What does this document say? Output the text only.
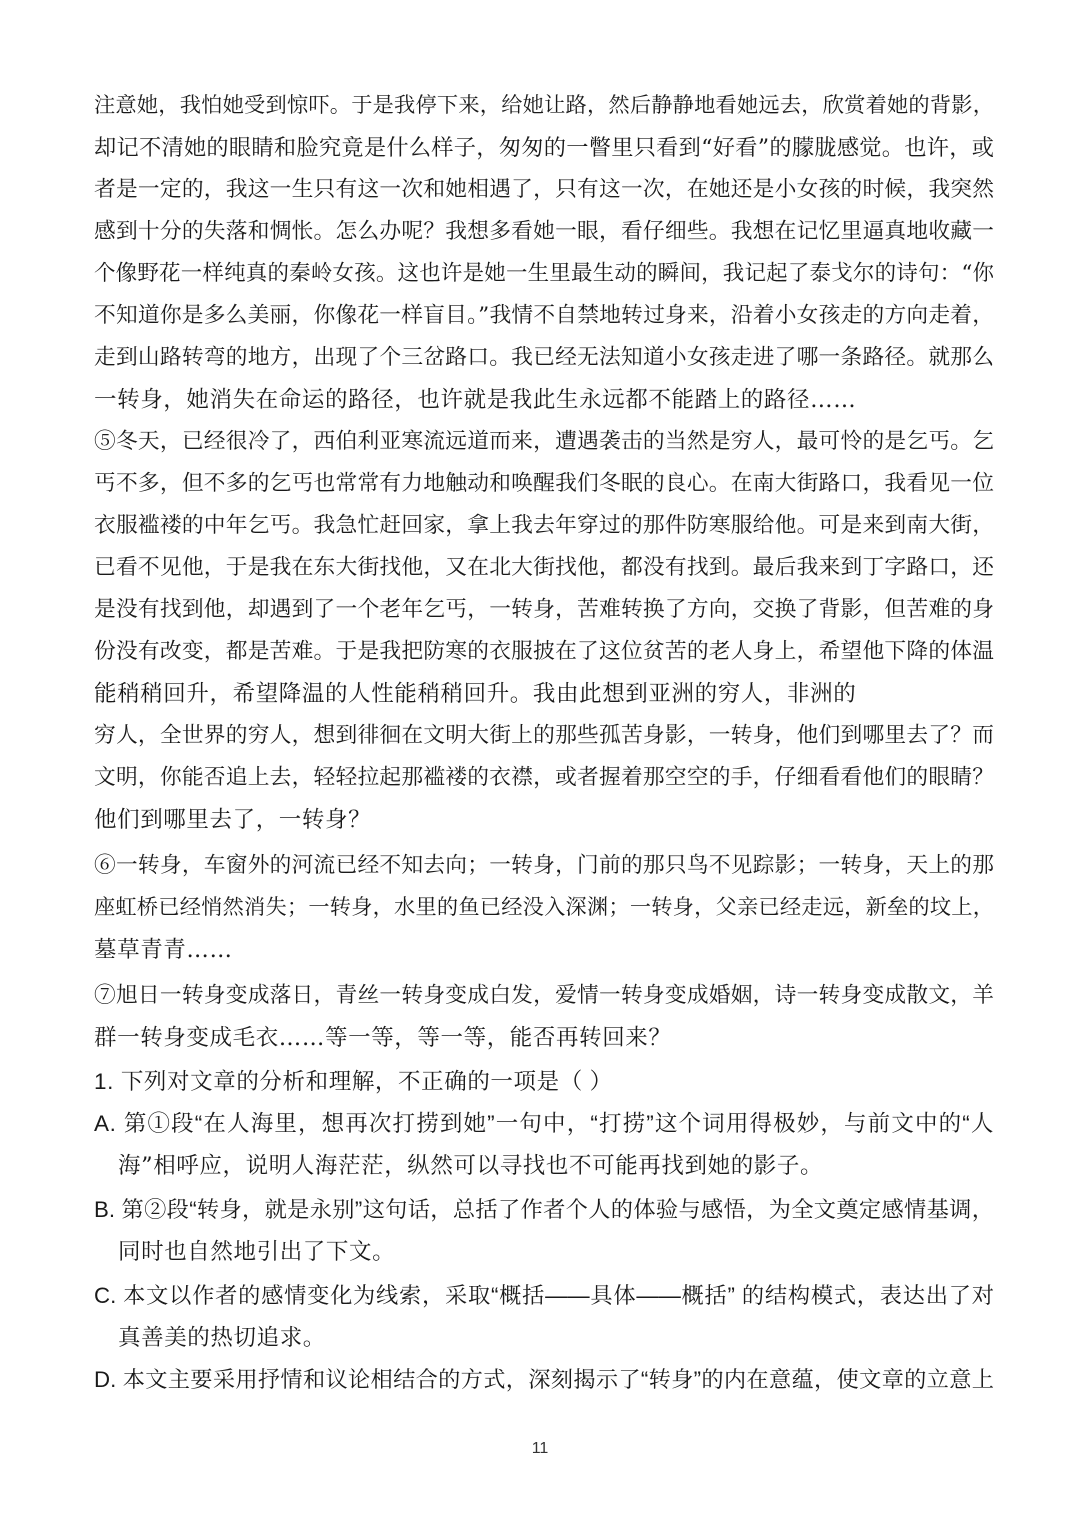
注意她，我怕她受到惊吓。于是我停下来，给她让路，然后静静地看她远去，欣赏着她的背影，
却记不清她的眼睛和脸究竟是什么样子，匆匆的一瞥里只看到“好看”的朦胧感觉。也许，或
者是一定的，我这一生只有这一次和她相遇了，只有这一次，在她还是小女孩的时候，我突然
感到十分的失落和惆怅。怎么办呢？我想多看她一眼，看仔细些。我想在记忆里逼真地收藏一
个像野花一样纯真的秦岭女孩。这也许是她一生里最生动的瞬间，我记起了泰戈尔的诗句：“你
不知道你是多么美丽，你像花一样盲目。”我情不自禁地转过身来，沿着小女孩走的方向走着，
走到山路转弯的地方，出现了个三岔路口。我已经无法知道小女孩走进了哪一条路径。就那么
一转身，她消失在命运的路径，也许就是我此生永远都不能踏上的路径……
⑤冬天，已经很冷了，西伯利亚寒流远道而来，遭遇袭击的当然是穷人，最可怜的是乞丐。乞
丐不多，但不多的乞丐也常常有力地触动和唤醒我们冬眠的良心。在南大街路口，我看见一位
衣服褴褛的中年乞丐。我急忙赶回家，拿上我去年穿过的那件防寒服给他。可是来到南大街，
已看不见他，于是我在东大街找他，又在北大街找他，都没有找到。最后我来到丁字路口，还
是没有找到他，却遇到了一个老年乞丐，一转身，苦难转换了方向，交换了背影，但苦难的身
份没有改变，都是苦难。于是我把防寒的衣服披在了这位贫苦的老人身上，希望他下降的体温
能稍稍回升，希望降温的人性能稍稍回升。我由此想到亚洲的穷人，非洲的
穷人，全世界的穷人，想到徘徊在文明大街上的那些孤苦身影，一转身，他们到哪里去了？而
文明，你能否追上去，轻轻拉起那褴褛的衣襟，或者握着那空空的手，仔细看看他们的眼睛？
他们到哪里去了，一转身？
⑥一转身，车窗外的河流已经不知去向；一转身，门前的那只鸟不见踪影；一转身，天上的那
座虹桥已经悄然消失；一转身，水里的鱼已经没入深渊；一转身，父亲已经走远，新垒的坟上，
墓草青青……
⑦旭日一转身变成落日，青丝一转身变成白发，爱情一转身变成婚姻，诗一转身变成散文，羊
群一转身变成毛衣……等一等，等一等，能否再转回来？
1. 下列对文章的分析和理解，不正确的一项是（ ）
A. 第①段“在人海里，想再次打捞到她”一句中，“打捞”这个词用得极妙，与前文中的“人
海”相呼应，说明人海茫茫，纵然可以寻找也不可能再找到她的影子。
B. 第②段“转身，就是永别”这句话，总括了作者个人的体验与感悟，为全文奠定感情基调，
同时也自然地引出了下文。
C. 本文以作者的感情变化为线索，采取“概括——具体——概括” 的结构模式，表达出了对
真善美的热切追求。
D. 本文主要采用抒情和议论相结合的方式，深刻揭示了“转身”的内在意蕴，使文章的立意上
11
